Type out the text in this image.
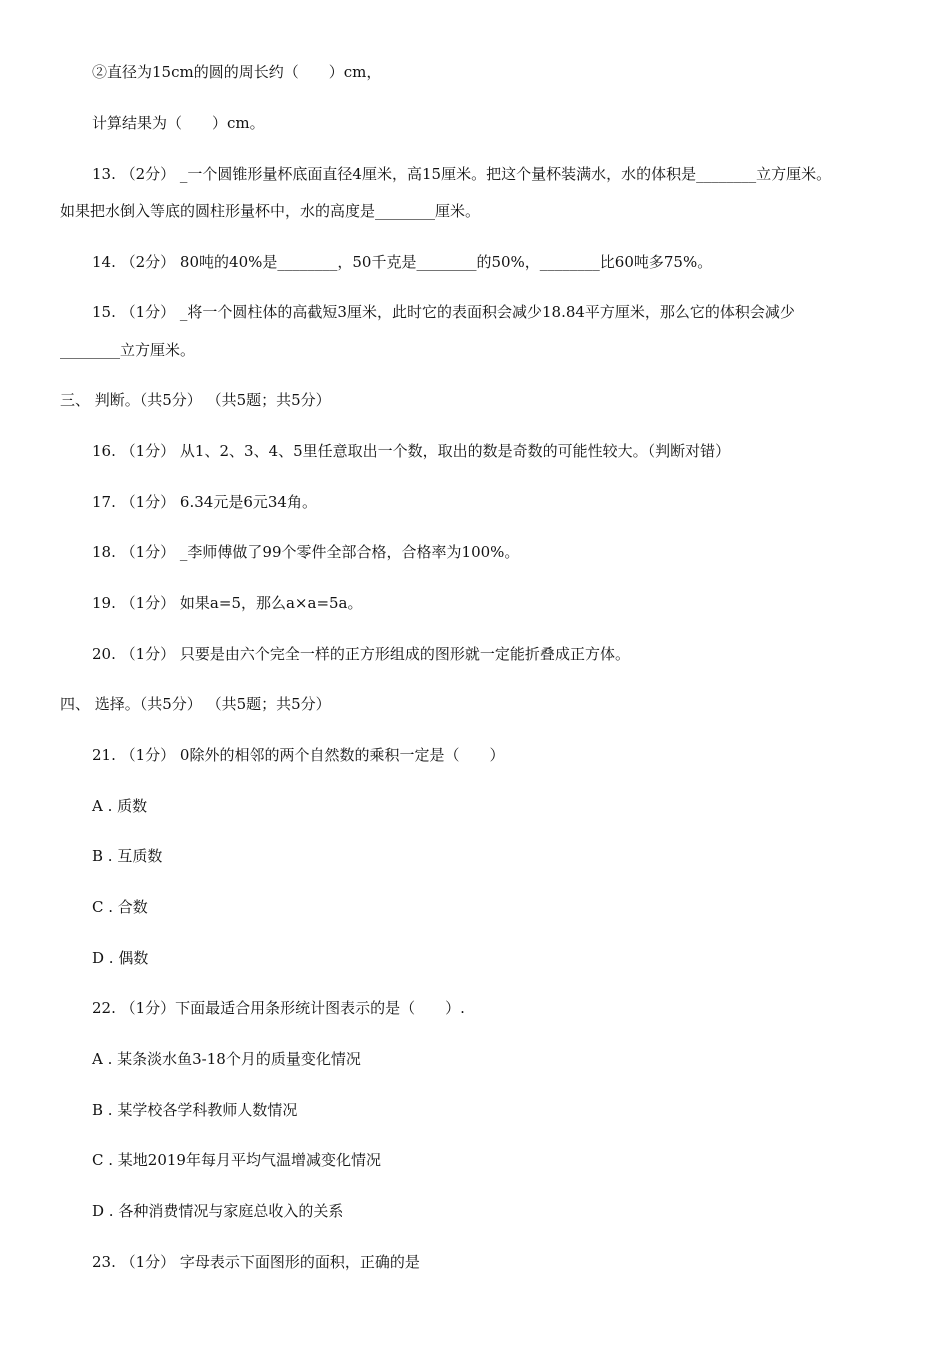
②直径为15cm的圆的周长约（　　）cm，
计算结果为（　　）cm。
13. （2分） _一个圆锥形量杯底面直径4厘米，高15厘米。把这个量杯装满水，水的体积是________立方厘米。
如果把水倒入等底的圆柱形量杯中，水的高度是________厘米。
14. （2分） 80吨的40%是________，50千克是________的50%，________比60吨多75%。
15. （1分） _将一个圆柱体的高截短3厘米，此时它的表面积会减少18.84平方厘米，那么它的体积会减少
________立方厘米。
三、 判断。（共5分） （共5题；共5分）
16. （1分） 从1、2、3、4、5里任意取出一个数，取出的数是奇数的可能性较大。（判断对错）
17. （1分） 6.34元是6元34角。
18. （1分） _李师傅做了99个零件全部合格，合格率为100%。
19. （1分） 如果a=5，那么a×a=5a。
20. （1分） 只要是由六个完全一样的正方形组成的图形就一定能折叠成正方体。
四、 选择。（共5分） （共5题；共5分）
21. （1分） 0除外的相邻的两个自然数的乘积一定是（　　）
A . 质数
B . 互质数
C . 合数
D . 偶数
22. （1分）下面最适合用条形统计图表示的是（　　）.
A . 某条淡水鱼3-18个月的质量变化情况
B . 某学校各学科教师人数情况
C . 某地2019年每月平均气温增减变化情况
D . 各种消费情况与家庭总收入的关系
23. （1分） 字母表示下面图形的面积，正确的是
